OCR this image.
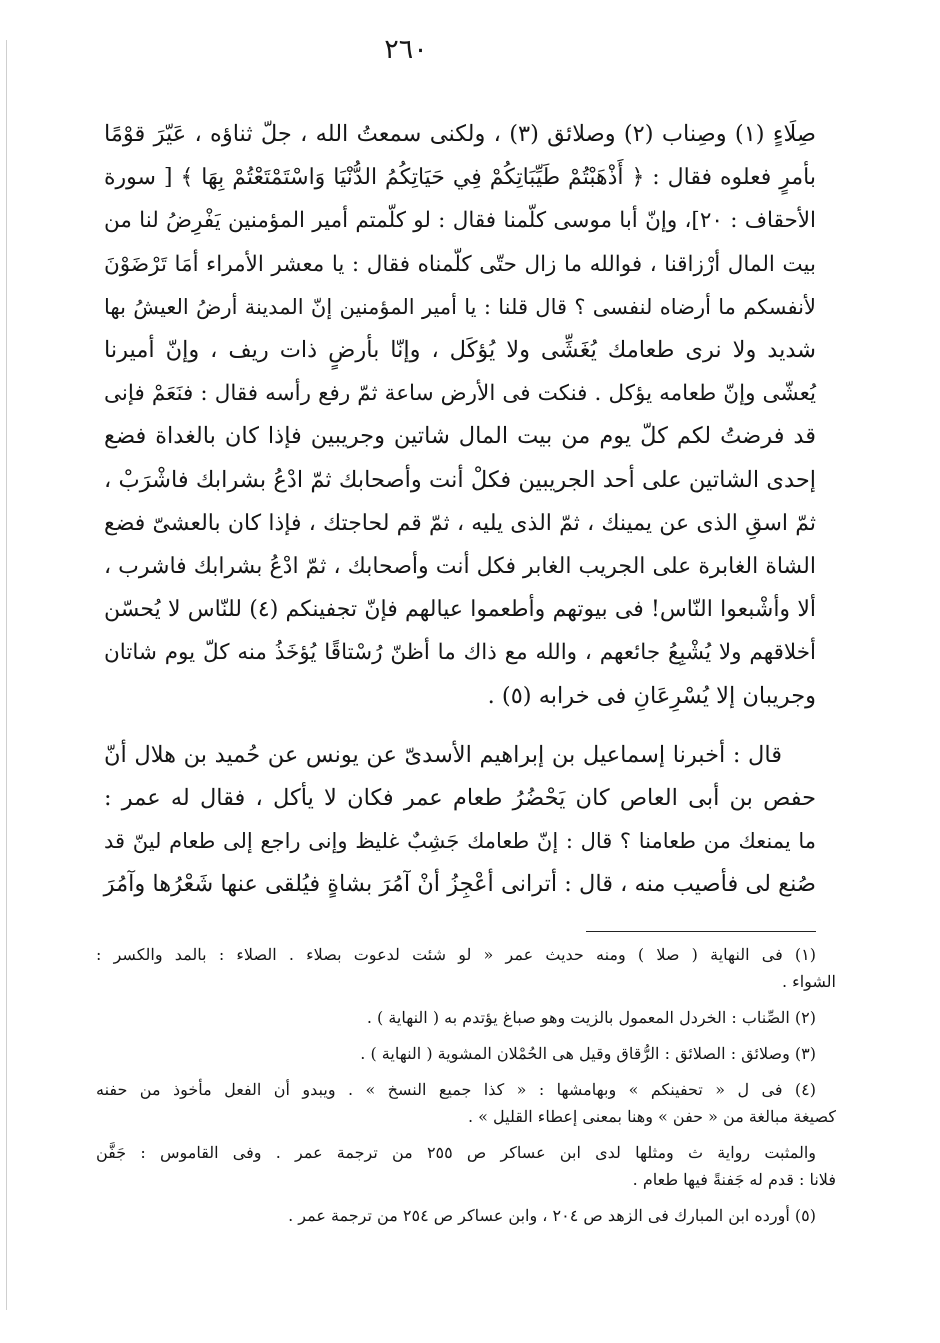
٢٦٠
صِلَاءٍ (١) وصِناب (٢) وصلائق (٣) ، ولكنى سمعتُ الله ، جلّ ثناؤه ، عَيّرَ قوْمًا
بأمرٍ فعلوه فقال : ﴿ أَذْهَبْتُمْ طَيِّبَاتِكُمْ فِي حَيَاتِكُمُ الدُّنْيَا وَاسْتَمْتَعْتُمْ بِهَا ﴾ [ سورة
الأحقاف : ٢٠]، وإنّ أبا موسى كلّمنا فقال : لو كلّمتم أمير المؤمنين يَفْرِضُ لنا من
بيت المال أرْزاقنا ، فوالله ما زال حتّى كلّمناه فقال : يا معشر الأمراء أمَا تَرْضَوْنَ
لأنفسكم ما أرضاه لنفسى ؟ قال قلنا : يا أمير المؤمنين إنّ المدينة أرضُ العيشُ بها
شديد ولا نرى طعامك يُغَشِّى ولا يُؤكَل ، وإنّا بأرضٍ ذات ريف ، وإنّ أميرنا
يُعشّى وإنّ طعامه يؤكل . فنكت فى الأرض ساعة ثمّ رفع رأسه فقال : فنَعَمْ فإنى
قد فرضتُ لكم كلّ يوم من بيت المال شاتين وجريبين فإذا كان بالغداة فضع
إحدى الشاتين على أحد الجريبين فكلْ أنت وأصحابك ثمّ ادْعُ بشرابك فاشْرَبْ ،
ثمّ اسقِ الذى عن يمينك ، ثمّ الذى يليه ، ثمّ قم لحاجتك ، فإذا كان بالعشىّ فضع
الشاة الغابرة على الجريب الغابر فكل أنت وأصحابك ، ثمّ ادْعُ بشرابك فاشرب ،
ألا وأشْبعوا النّاس! فى بيوتهم وأطعموا عيالهم فإنّ تجفينكم (٤) للنّاس لا يُحسّن
أخلاقهم ولا يُشْبِعُ جائعهم ، والله مع ذاك ما أظنّ رُسْتاقًا يُؤخَذُ منه كلّ يوم شاتان
وجريبان إلا يُسْرِعَانِ فى خرابه (٥) .
قال : أخبرنا إسماعيل بن إبراهيم الأسدىّ عن يونس عن حُميد بن هلال أنّ
حفص بن أبى العاص كان يَحْضُرُ طعام عمر فكان لا يأكل ، فقال له عمر :
ما يمنعك من طعامنا ؟ قال : إنّ طعامك جَشِبٌ غليظ وإنى راجع إلى طعام لينّ قد
صُنع لى فأصيب منه ، قال : أترانى أعْجِزُ أنْ آمُرَ بشاةٍ فيُلقى عنها شَعْرُها وآمُرَ
(١) فى النهاية ( صلا ) ومنه حديث عمر « لو شئت لدعوت بصلاء . الصلاء : بالمد والكسر :
الشواء .
(٢) الصِّناب : الخردل المعمول بالزيت وهو صباغ يؤتدم به ( النهاية ) .
(٣) وصلائق : الصلائق : الرُّقاق وقيل هى الحُمْلان المشوية ( النهاية ) .
(٤) فى ل « تحفينكم » وبهامشها : « كذا جميع النسخ » . ويبدو أن الفعل مأخوذ من حفنه
كصيغة مبالغة من « حفن » وهنا بمعنى إعطاء القليل » .
والمثبت رواية ث ومثلها لدى ابن عساكر ص ٢٥٥ من ترجمة عمر . وفى القاموس : جَفَّن
فلانا : قدم له جَفنةً فيها طعام .
(٥) أورده ابن المبارك فى الزهد ص ٢٠٤ ، وابن عساكر ص ٢٥٤ من ترجمة عمر .
